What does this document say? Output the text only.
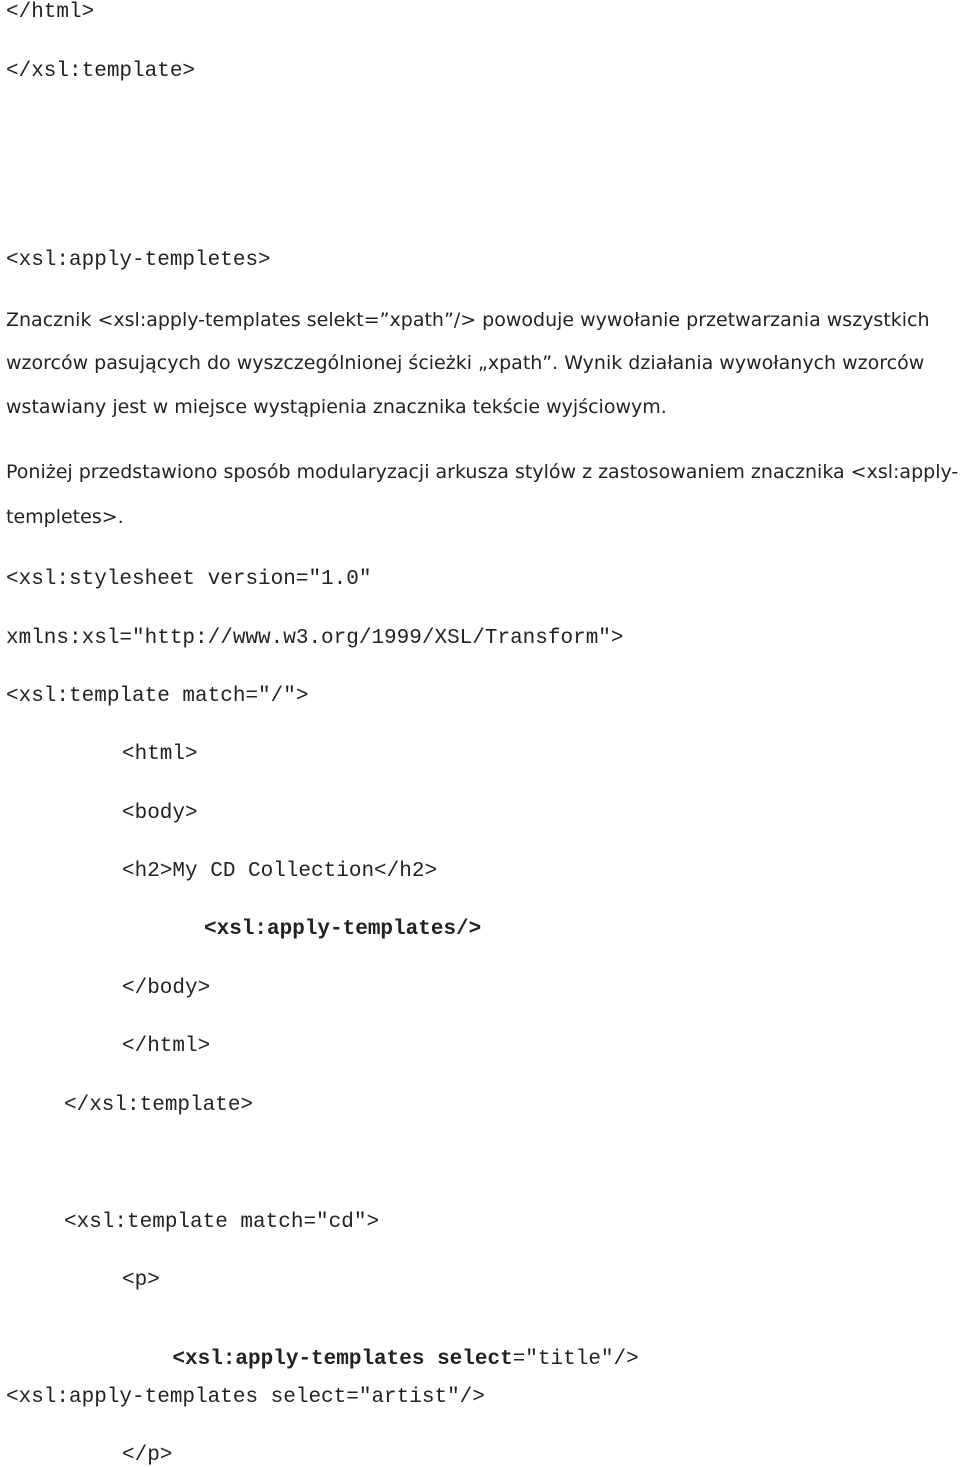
</html>
</xsl:template>
<xsl:apply-templetes>
Znacznik <xsl:apply-templates selekt=”xpath”/> powoduje wywołanie przetwarzania wszystkich
wzorców pasujących do wyszczególnionej ścieżki „xpath”. Wynik działania wywołanych wzorców
wstawiany jest w miejsce wystąpienia znacznika tekście wyjściowym.
Poniżej przedstawiono sposób modularyzacji arkusza stylów z zastosowaniem znacznika <xsl:apply-
templetes>.
<xsl:stylesheet version="1.0"
xmlns:xsl="http://www.w3.org/1999/XSL/Transform">
<xsl:template match="/">
<html>
<body>
<h2>My CD Collection</h2>
<xsl:apply-templates/>
</body>
</html>
</xsl:template>
<xsl:template match="cd">
<p>

<xsl:apply-templates select="title"/>

<xsl:apply-templates select="artist"/>
</p>
